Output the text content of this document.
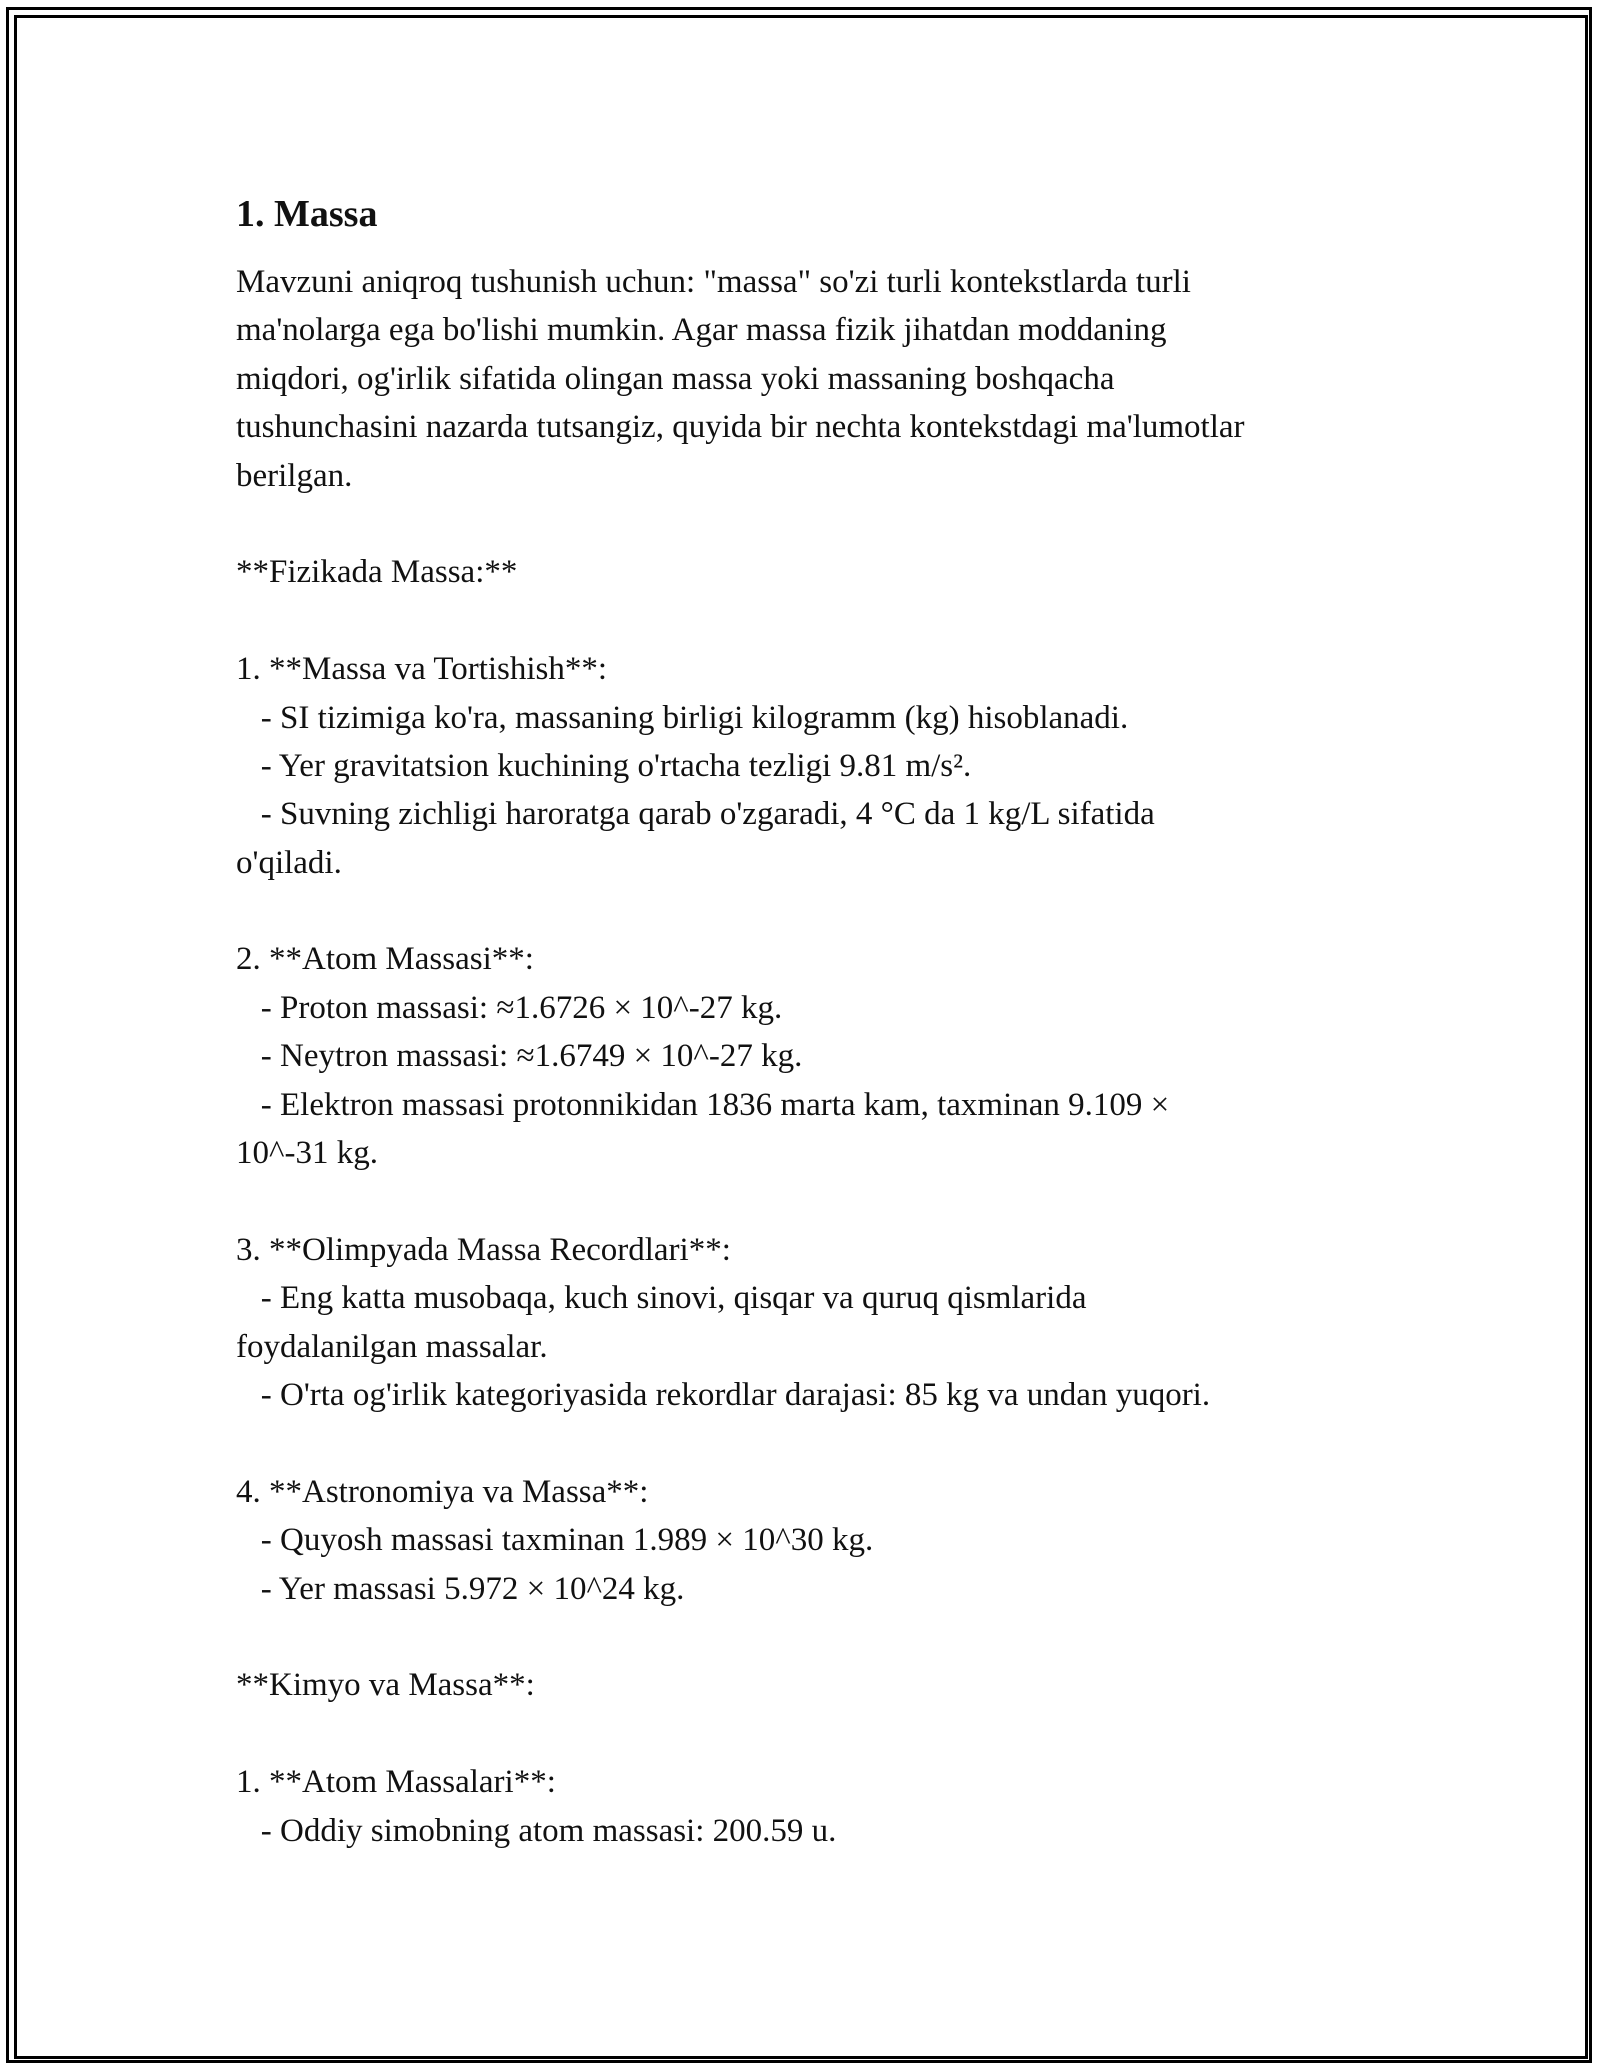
1. Massa
Mavzuni aniqroq tushunish uchun: "massa" so'zi turli kontekstlarda turli
ma'nolarga ega bo'lishi mumkin. Agar massa fizik jihatdan moddaning
miqdori, og'irlik sifatida olingan massa yoki massaning boshqacha
tushunchasini nazarda tutsangiz, quyida bir nechta kontekstdagi ma'lumotlar
berilgan.
**Fizikada Massa:**
1. **Massa va Tortishish**:
- SI tizimiga ko'ra, massaning birligi kilogramm (kg) hisoblanadi.
- Yer gravitatsion kuchining o'rtacha tezligi 9.81 m/s².
- Suvning zichligi haroratga qarab o'zgaradi, 4 °C da 1 kg/L sifatida
o'qiladi.
2. **Atom Massasi**:
- Proton massasi: ≈1.6726 × 10^-27 kg.
- Neytron massasi: ≈1.6749 × 10^-27 kg.
- Elektron massasi protonnikidan 1836 marta kam, taxminan 9.109 ×
10^-31 kg.
3. **Olimpyada Massa Recordlari**:
- Eng katta musobaqa, kuch sinovi, qisqar va quruq qismlarida
foydalanilgan massalar.
- O'rta og'irlik kategoriyasida rekordlar darajasi: 85 kg va undan yuqori.
4. **Astronomiya va Massa**:
- Quyosh massasi taxminan 1.989 × 10^30 kg.
- Yer massasi 5.972 × 10^24 kg.
**Kimyo va Massa**:
1. **Atom Massalari**:
- Oddiy simobning atom massasi: 200.59 u.
